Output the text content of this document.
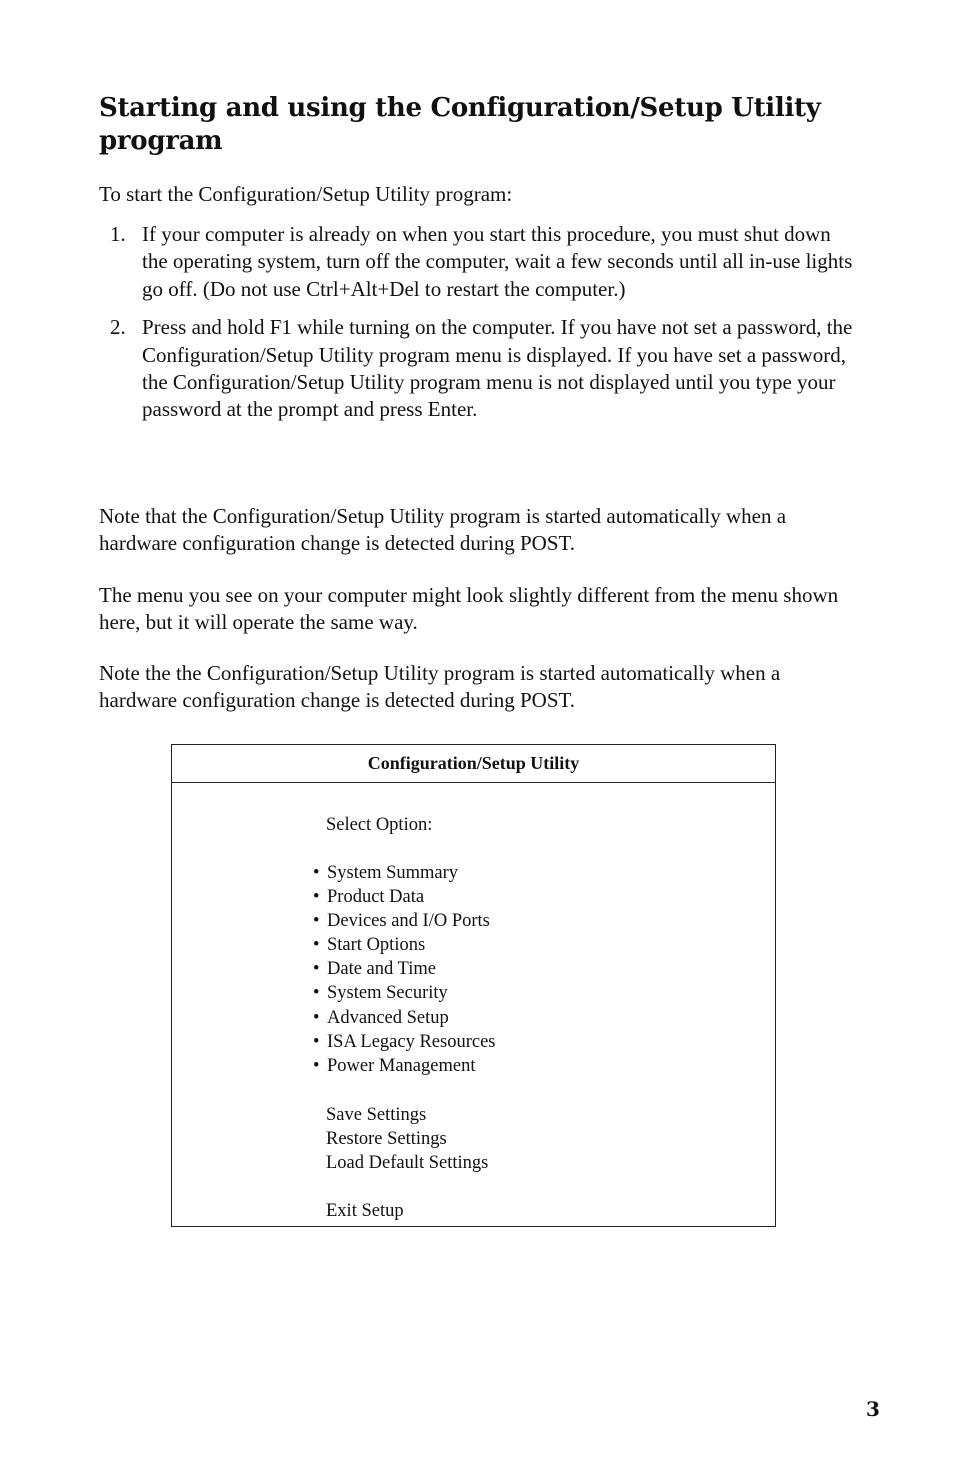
Starting and using the Configuration/Setup Utility program

To start the Configuration/Setup Utility program:

1. If your computer is already on when you start this procedure, you must shut down the operating system, turn off the computer, wait a few seconds until all in-use lights go off. (Do not use Ctrl+Alt+Del to restart the computer.)
2. Press and hold F1 while turning on the computer. If you have not set a password, the Configuration/Setup Utility program menu is displayed. If you have set a password, the Configuration/Setup Utility program menu is not displayed until you type your password at the prompt and press Enter.

Note that the Configuration/Setup Utility program is started automatically when a hardware configuration change is detected during POST.

The menu you see on your computer might look slightly different from the menu shown here, but it will operate the same way.

Note the the Configuration/Setup Utility program is started automatically when a hardware configuration change is detected during POST.

Configuration/Setup Utility
Select Option:
• System Summary
• Product Data
• Devices and I/O Ports
• Start Options
• Date and Time
• System Security
• Advanced Setup
• ISA Legacy Resources
• Power Management
Save Settings
Restore Settings
Load Default Settings
Exit Setup
3
